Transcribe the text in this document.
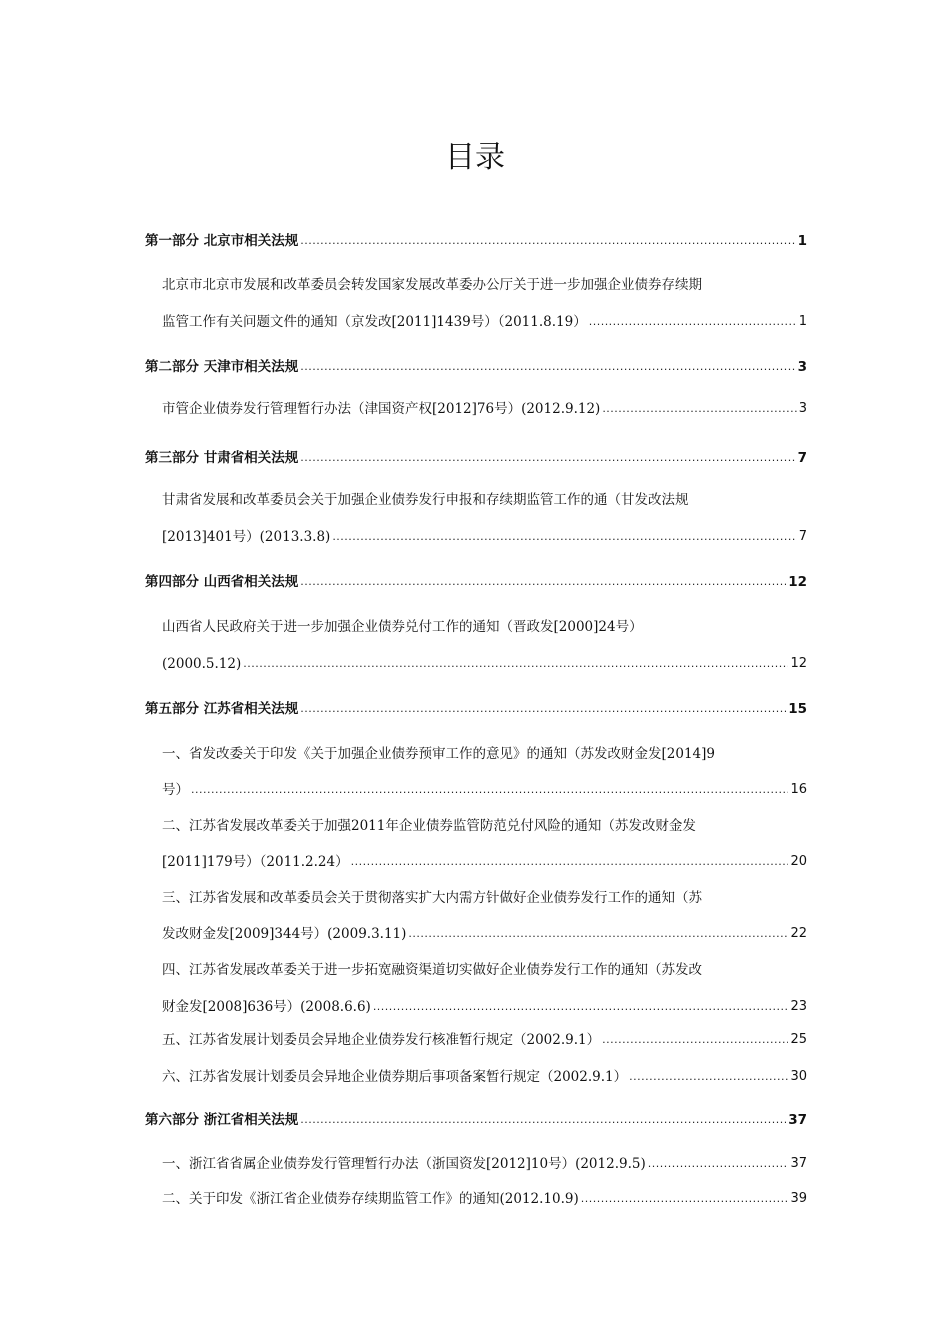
目录
第一部分 北京市相关法规 .....	1
北京市北京市发展和改革委员会转发国家发展改革委办公厅关于进一步加强企业债券存续期
监管工作有关问题文件的通知（京发改[2011]1439号）（2011.8.19） .....	1
第二部分 天津市相关法规 .....	3
市管企业债券发行管理暂行办法（津国资产权[2012]76号）(2012.9.12) .....	3
第三部分 甘肃省相关法规 .....	7
甘肃省发展和改革委员会关于加强企业债券发行申报和存续期监管工作的通（甘发改法规
[2013]401号）(2013.3.8) .....	7
第四部分 山西省相关法规 .....	12
山西省人民政府关于进一步加强企业债券兑付工作的通知（晋政发[2000]24号）
(2000.5.12) .....	12
第五部分 江苏省相关法规 .....	15
一、省发改委关于印发《关于加强企业债券预审工作的意见》的通知（苏发改财金发[2014]9
号） .....	16
二、江苏省发展改革委关于加强2011年企业债券监管防范兑付风险的通知（苏发改财金发
[2011]179号）（2011.2.24） .....	20
三、江苏省发展和改革委员会关于贯彻落实扩大内需方针做好企业债券发行工作的通知（苏
发改财金发[2009]344号）(2009.3.11) .....	22
四、江苏省发展改革委关于进一步拓宽融资渠道切实做好企业债券发行工作的通知（苏发改
财金发[2008]636号）(2008.6.6) .....	23
五、江苏省发展计划委员会异地企业债券发行核准暂行规定（2002.9.1） .....	25
六、江苏省发展计划委员会异地企业债券期后事项备案暂行规定（2002.9.1） .....	30
第六部分 浙江省相关法规 .....	37
一、浙江省省属企业债券发行管理暂行办法（浙国资发[2012]10号）(2012.9.5) .....	37
二、关于印发《浙江省企业债券存续期监管工作》的通知(2012.10.9) .....	39
